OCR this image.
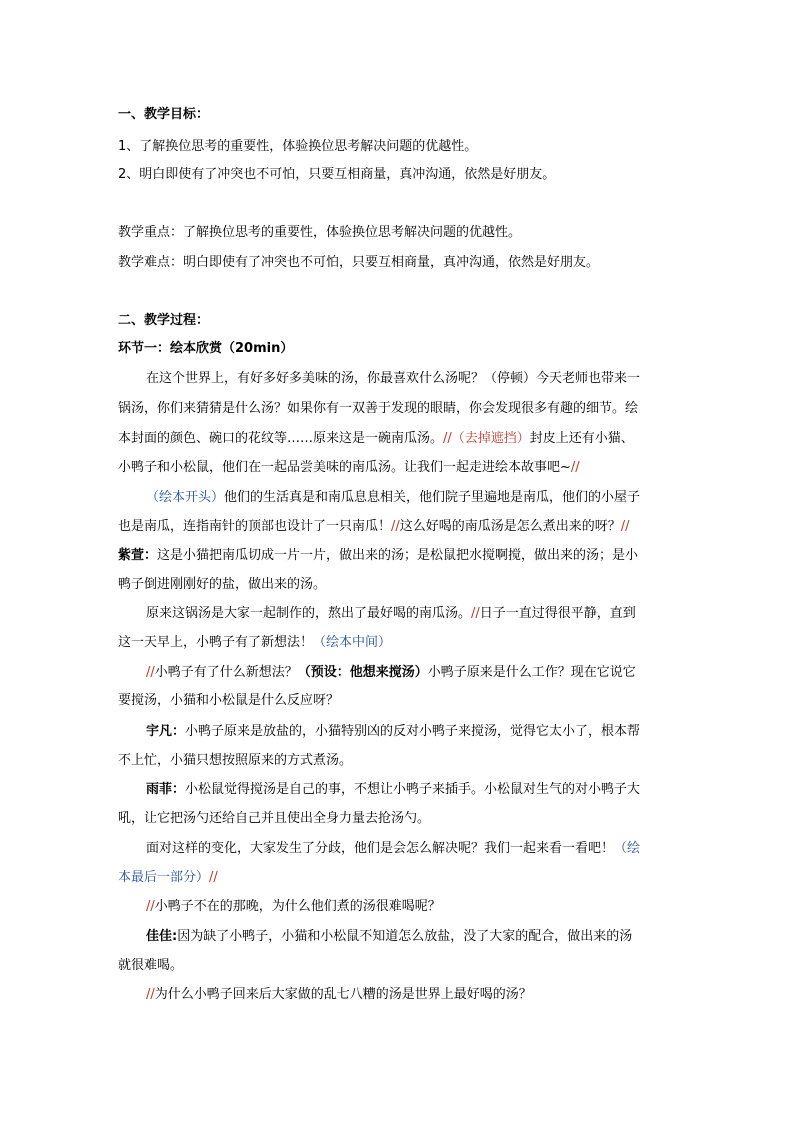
一、教学目标：
1、了解换位思考的重要性，体验换位思考解决问题的优越性。
2、明白即使有了冲突也不可怕，只要互相商量，真冲沟通，依然是好朋友。
教学重点：了解换位思考的重要性，体验换位思考解决问题的优越性。
教学难点：明白即使有了冲突也不可怕，只要互相商量，真冲沟通，依然是好朋友。
二、教学过程：
环节一：绘本欣赏（20min）
在这个世界上，有好多好多美味的汤，你最喜欢什么汤呢？（停顿）今天老师也带来一
锅汤，你们来猜猜是什么汤？如果你有一双善于发现的眼睛，你会发现很多有趣的细节。绘
本封面的颜色、碗口的花纹等……原来这是一碗南瓜汤。//（去掉遮挡）封皮上还有小猫、
小鸭子和小松鼠，他们在一起品尝美味的南瓜汤。让我们一起走进绘本故事吧~//
（绘本开头）他们的生活真是和南瓜息息相关，他们院子里遍地是南瓜，他们的小屋子
也是南瓜，连指南针的顶部也设计了一只南瓜！//这么好喝的南瓜汤是怎么煮出来的呀？//
紫萱：这是小猫把南瓜切成一片一片，做出来的汤；是松鼠把水搅啊搅，做出来的汤；是小
鸭子倒进刚刚好的盐，做出来的汤。
原来这锅汤是大家一起制作的，熬出了最好喝的南瓜汤。//日子一直过得很平静，直到
这一天早上，小鸭子有了新想法！（绘本中间）
//小鸭子有了什么新想法？（预设：他想来搅汤）小鸭子原来是什么工作？现在它说它
要搅汤，小猫和小松鼠是什么反应呀？
宇凡：小鸭子原来是放盐的，小猫特别凶的反对小鸭子来搅汤，觉得它太小了，根本帮
不上忙，小猫只想按照原来的方式煮汤。
雨菲：小松鼠觉得搅汤是自己的事，不想让小鸭子来插手。小松鼠对生气的对小鸭子大
吼，让它把汤勺还给自己并且使出全身力量去抢汤勺。
面对这样的变化，大家发生了分歧，他们是会怎么解决呢？我们一起来看一看吧！（绘
本最后一部分）//
//小鸭子不在的那晚，为什么他们煮的汤很难喝呢？
佳佳:因为缺了小鸭子，小猫和小松鼠不知道怎么放盐，没了大家的配合，做出来的汤
就很难喝。
//为什么小鸭子回来后大家做的乱七八糟的汤是世界上最好喝的汤？
